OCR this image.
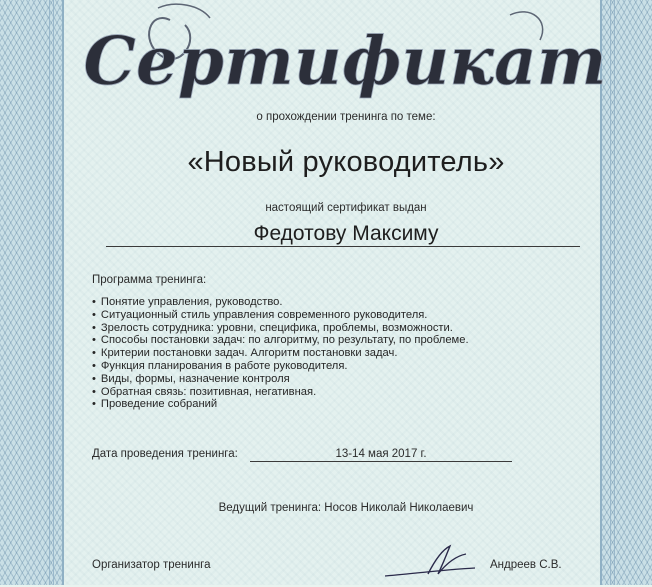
Сертификат
о прохождении тренинга по теме:
«Новый руководитель»
настоящий сертификат выдан
Федотову Максиму
Программа тренинга:
• Понятие управления, руководство.
• Ситуационный стиль управления современного руководителя.
• Зрелость сотрудника: уровни, специфика, проблемы, возможности.
• Способы постановки задач: по алгоритму, по результату, по проблеме.
• Критерии постановки задач. Алгоритм постановки задач.
• Функция планирования в работе руководителя.
• Виды, формы, назначение контроля
• Обратная связь: позитивная, негативная.
• Проведение собраний
Дата проведения тренинга:	13-14 мая 2017 г.
Ведущий тренинга: Носов Николай Николаевич
Организатор тренинга	Андреев С.В.
